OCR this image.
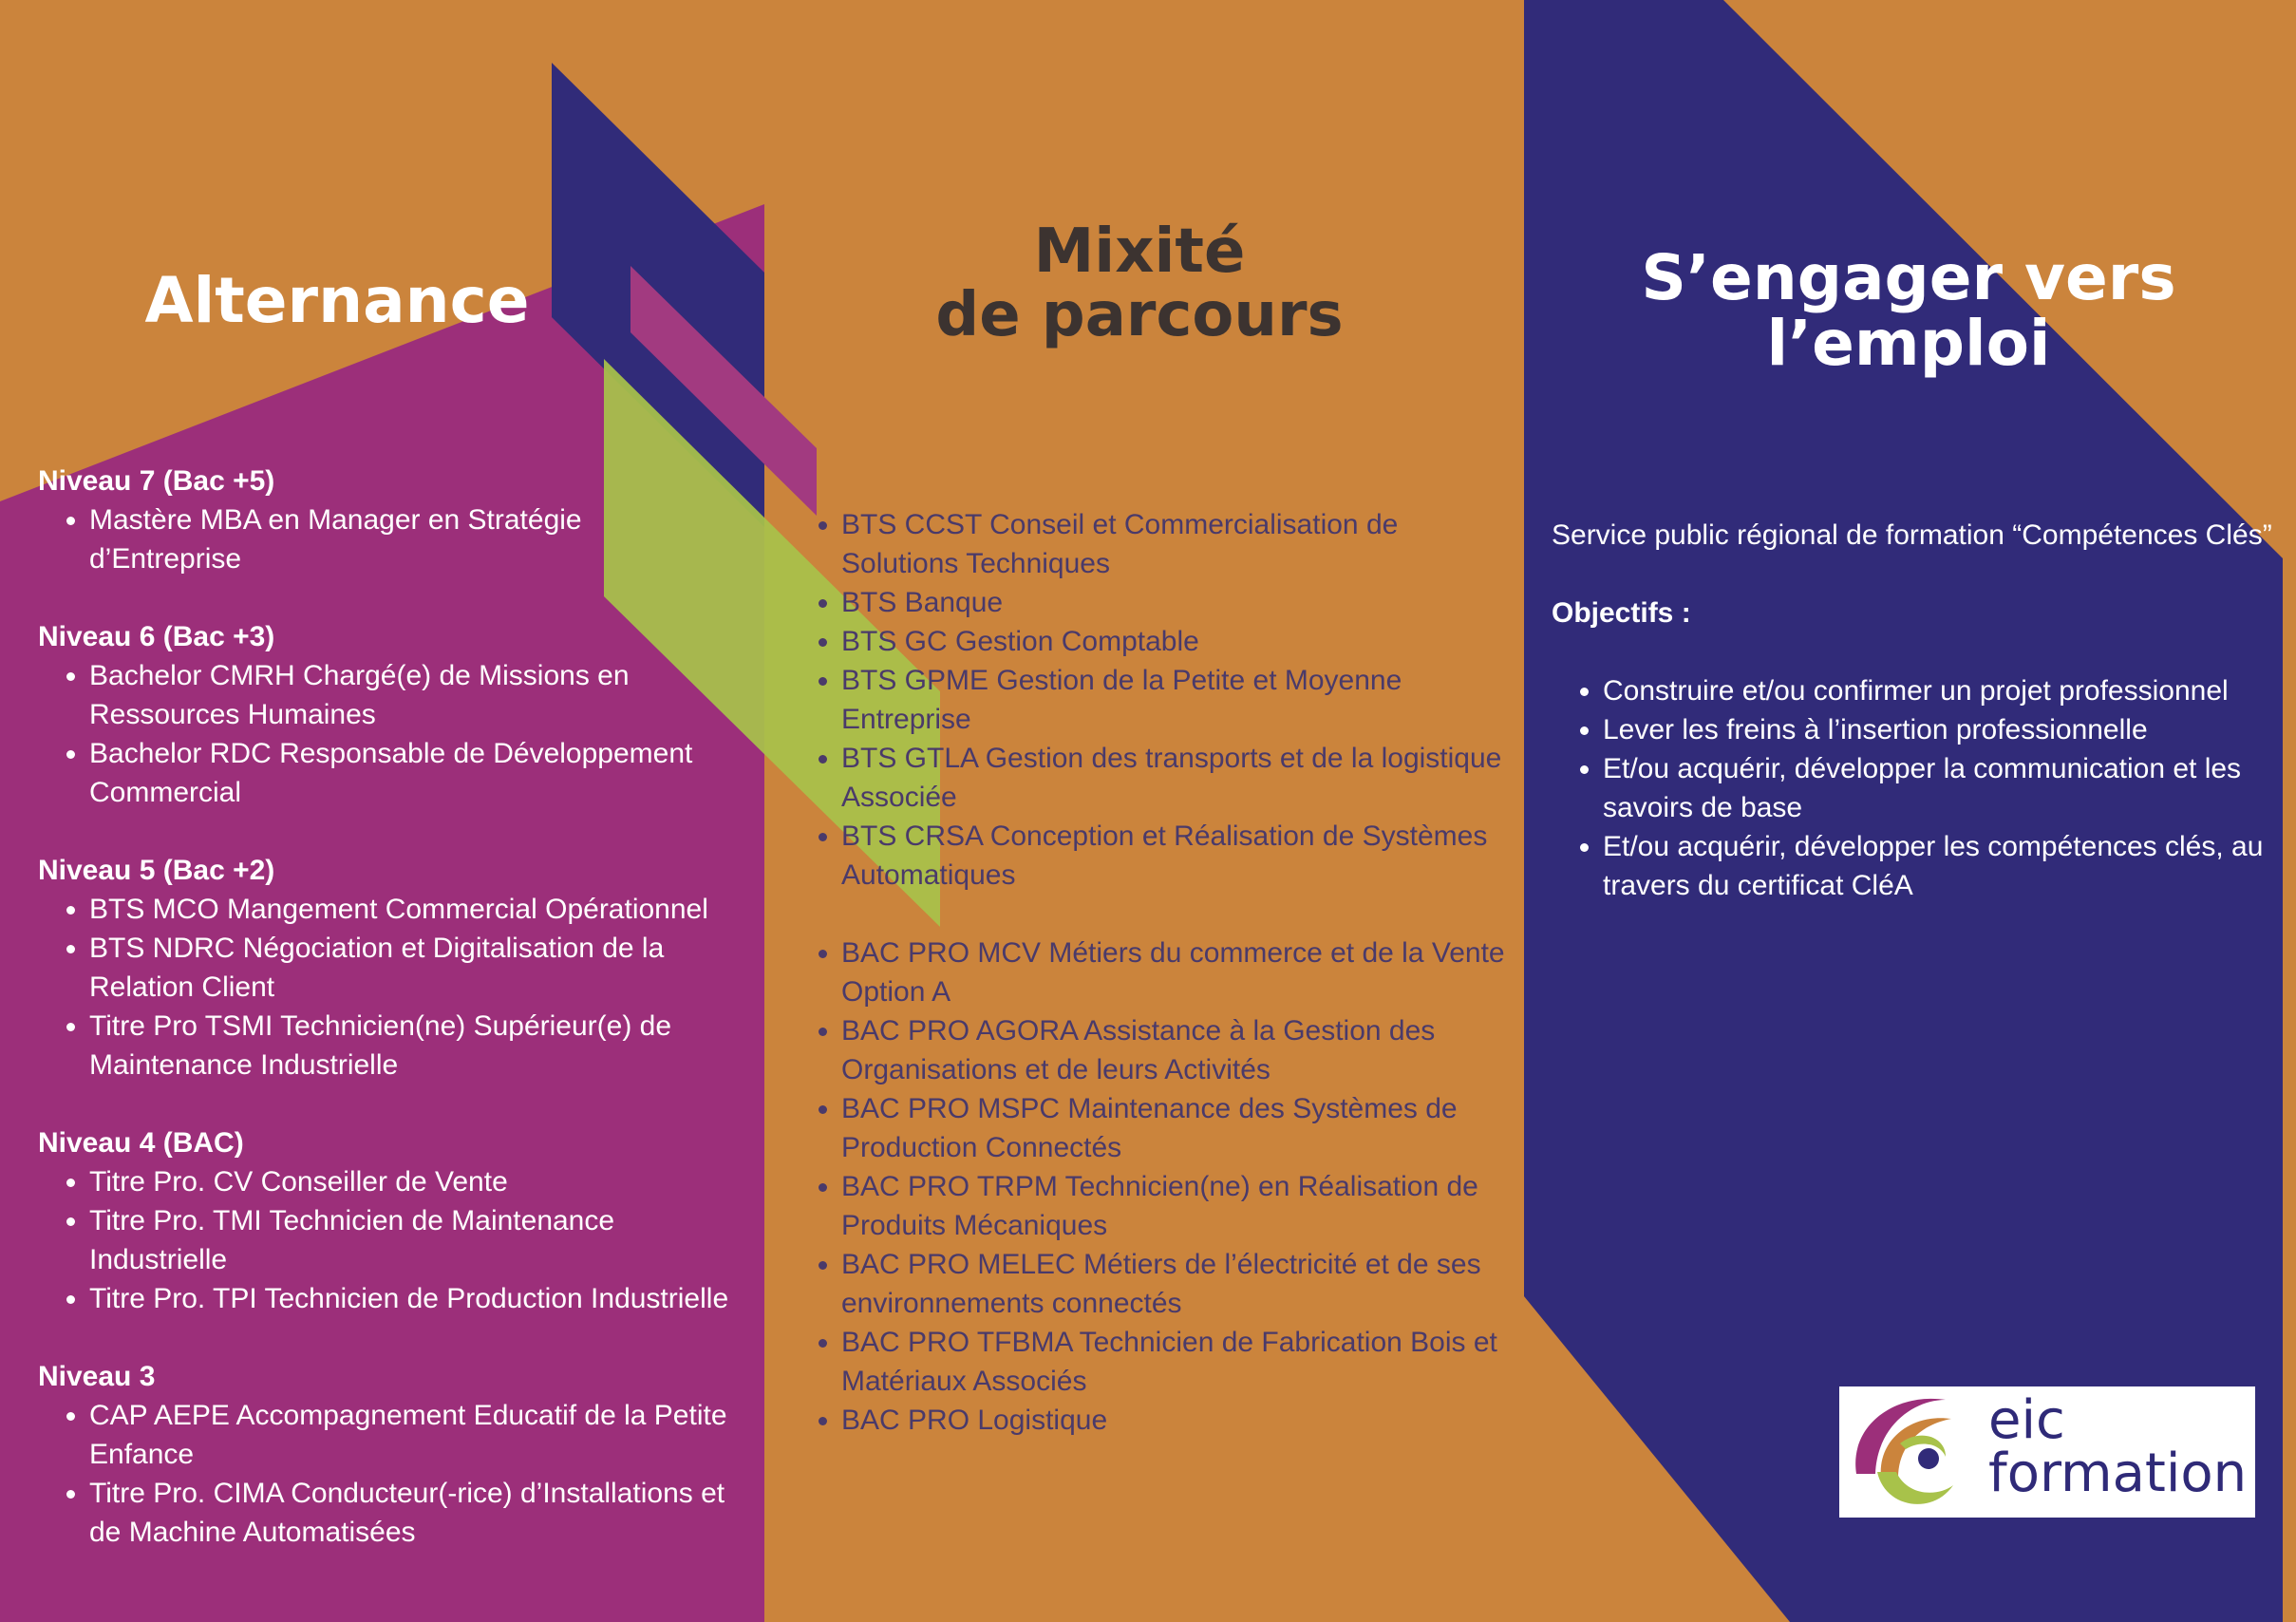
Alternance
Mixité
de parcours
S’engager vers
l’emploi

Niveau 7 (Bac +5)

• Mastère MBA en Manager en Stratégie d’Entreprise

Niveau 6 (Bac +3)

• Bachelor CMRH Chargé(e) de Missions en Ressources Humaines
• Bachelor RDC Responsable de Développement Commercial

Niveau 5 (Bac +2)

• BTS MCO Mangement Commercial Opérationnel
• BTS NDRC Négociation et Digitalisation de la Relation Client
• Titre Pro TSMI Technicien(ne) Supérieur(e) de Maintenance Industrielle

Niveau 4 (BAC)

• Titre Pro. CV Conseiller de Vente
• Titre Pro. TMI Technicien de Maintenance Industrielle
• Titre Pro. TPI Technicien de Production Industrielle

Niveau 3

• CAP AEPE Accompagnement Educatif de la Petite Enfance
• Titre Pro. CIMA Conducteur(-rice) d’Installations et de Machine Automatisées
• BTS CCST Conseil et Commercialisation de Solutions Techniques
• BTS Banque
• BTS GC Gestion Comptable
• BTS GPME Gestion de la Petite et Moyenne Entreprise
• BTS GTLA Gestion des transports et de la logistique Associée
• BTS CRSA Conception et Réalisation de Systèmes Automatiques
• BAC PRO MCV Métiers du commerce et de la Vente Option A
• BAC PRO AGORA Assistance à la Gestion des Organisations et de leurs Activités
• BAC PRO MSPC Maintenance des Systèmes de Production Connectés
• BAC PRO TRPM Technicien(ne) en Réalisation de Produits Mécaniques
• BAC PRO MELEC Métiers de l’électricité et de ses environnements connectés
• BAC PRO TFBMA Technicien de Fabrication Bois et Matériaux Associés
• BAC PRO Logistique

Service public régional de formation “Compétences Clés”

Objectifs :

• Construire et/ou confirmer un projet professionnel
• Lever les freins à l’insertion professionnelle
• Et/ou acquérir, développer la communication et les savoirs de base
• Et/ou acquérir, développer les compétences clés, au travers du certificat CléA
eic
formation
